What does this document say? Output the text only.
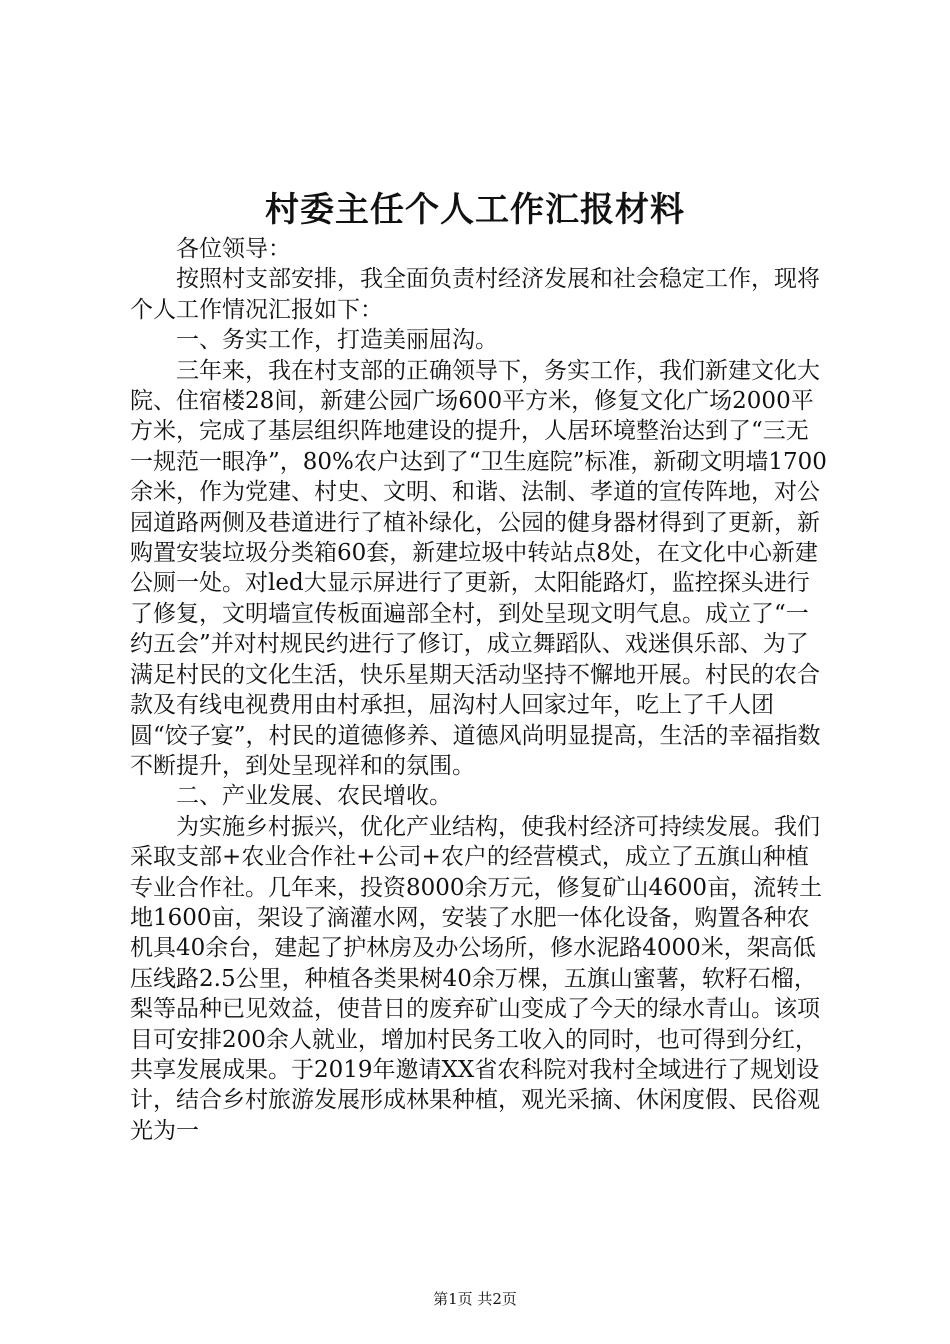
村委主任个人工作汇报材料

各位领导：

按照村支部安排，我全面负责村经济发展和社会稳定工作，现将个人工作情况汇报如下：

一、务实工作，打造美丽屈沟。

三年来，我在村支部的正确领导下，务实工作，我们新建文化大院、住宿楼28间，新建公园广场600平方米，修复文化广场2000平方米，完成了基层组织阵地建设的提升，人居环境整治达到了“三无一规范一眼净”，80%农户达到了“卫生庭院”标准，新砌文明墙1700余米，作为党建、村史、文明、和谐、法制、孝道的宣传阵地，对公园道路两侧及巷道进行了植补绿化，公园的健身器材得到了更新，新购置安装垃圾分类箱60套，新建垃圾中转站点8处，在文化中心新建公厕一处。对led大显示屏进行了更新，太阳能路灯，监控探头进行了修复，文明墙宣传板面遍部全村，到处呈现文明气息。成立了“一约五会”并对村规民约进行了修订，成立舞蹈队、戏迷俱乐部、为了满足村民的文化生活，快乐星期天活动坚持不懈地开展。村民的农合款及有线电视费用由村承担，屈沟村人回家过年，吃上了千人团圆“饺子宴”，村民的道德修养、道德风尚明显提高，生活的幸福指数不断提升，到处呈现祥和的氛围。

二、产业发展、农民增收。

为实施乡村振兴，优化产业结构，使我村经济可持续发展。我们采取支部+农业合作社+公司+农户的经营模式，成立了五旗山种植专业合作社。几年来，投资8000余万元，修复矿山4600亩，流转土地1600亩，架设了滴灌水网，安装了水肥一体化设备，购置各种农机具40余台，建起了护林房及办公场所，修水泥路4000米，架高低压线路2.5公里，种植各类果树40余万棵，五旗山蜜薯，软籽石榴，梨等品种已见效益，使昔日的废弃矿山变成了今天的绿水青山。该项目可安排200余人就业，增加村民务工收入的同时，也可得到分红，共享发展成果。于2019年邀请XX省农科院对我村全域进行了规划设计，结合乡村旅游发展形成林果种植，观光采摘、休闲度假、民俗观光为一

第1页 共2页
